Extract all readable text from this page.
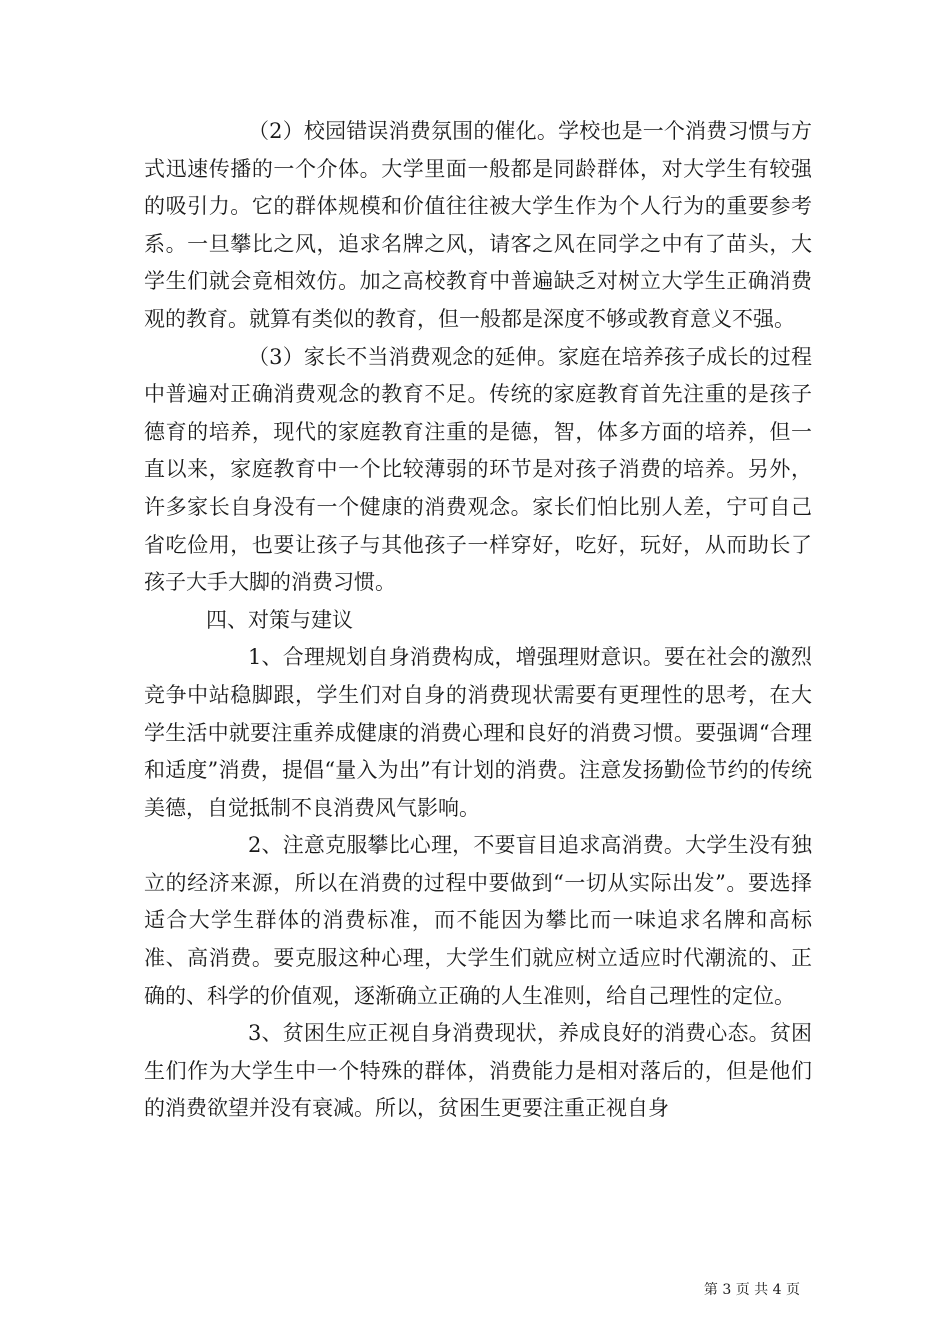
（2）校园错误消费氛围的催化。学校也是一个消费习惯与方式迅速传播的一个介体。大学里面一般都是同龄群体，对大学生有较强的吸引力。它的群体规模和价值往往被大学生作为个人行为的重要参考系。一旦攀比之风，追求名牌之风，请客之风在同学之中有了苗头，大学生们就会竟相效仿。加之高校教育中普遍缺乏对树立大学生正确消费观的教育。就算有类似的教育，但一般都是深度不够或教育意义不强。

（3）家长不当消费观念的延伸。家庭在培养孩子成长的过程中普遍对正确消费观念的教育不足。传统的家庭教育首先注重的是孩子德育的培养，现代的家庭教育注重的是德，智，体多方面的培养，但一直以来，家庭教育中一个比较薄弱的环节是对孩子消费的培养。另外，许多家长自身没有一个健康的消费观念。家长们怕比别人差，宁可自己省吃俭用，也要让孩子与其他孩子一样穿好，吃好，玩好，从而助长了孩子大手大脚的消费习惯。

四、对策与建议

1、合理规划自身消费构成，增强理财意识。要在社会的激烈竞争中站稳脚跟，学生们对自身的消费现状需要有更理性的思考，在大学生活中就要注重养成健康的消费心理和良好的消费习惯。要强调“合理和适度”消费，提倡“量入为出”有计划的消费。注意发扬勤俭节约的传统美德，自觉抵制不良消费风气影响。

2、注意克服攀比心理，不要盲目追求高消费。大学生没有独立的经济来源，所以在消费的过程中要做到“一切从实际出发”。要选择适合大学生群体的消费标准，而不能因为攀比而一味追求名牌和高标准、高消费。要克服这种心理，大学生们就应树立适应时代潮流的、正确的、科学的价值观，逐渐确立正确的人生准则，给自己理性的定位。

3、贫困生应正视自身消费现状，养成良好的消费心态。贫困生们作为大学生中一个特殊的群体，消费能力是相对落后的，但是他们的消费欲望并没有衰减。所以，贫困生更要注重正视自身

第 3 页 共 4 页
